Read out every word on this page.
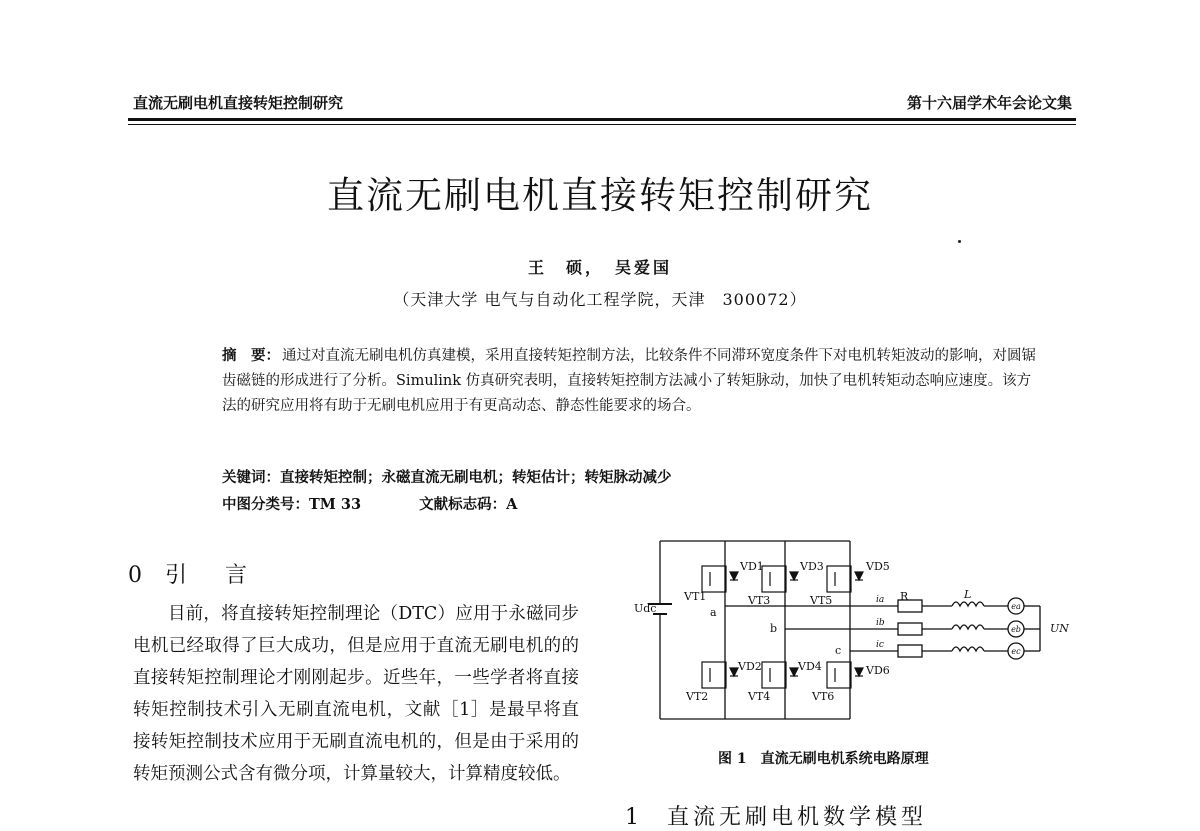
直流无刷电机直接转矩控制研究	第十六届学术年会论文集
直流无刷电机直接转矩控制研究
王　硕，　吴爱国
（天津大学 电气与自动化工程学院，天津　300072）
摘　要： 通过对直流无刷电机仿真建模，采用直接转矩控制方法，比较条件不同滞环宽度条件下对电机转矩波动的影响，对圆锯齿磁链的形成进行了分析。Simulink 仿真研究表明，直接转矩控制方法减小了转矩脉动，加快了电机转矩动态响应速度。该方法的研究应用将有助于无刷电机应用于有更高动态、静态性能要求的场合。
关键词：直接转矩控制；永磁直流无刷电机；转矩估计；转矩脉动减少
中图分类号：TM 33	文献标志码：A
0 引　言

目前，将直接转矩控制理论（DTC）应用于永磁同步电机已经取得了巨大成功，但是应用于直流无刷电机的的直接转矩控制理论才刚刚起步。近些年，一些学者将直接转矩控制技术引入无刷直流电机，文献［1］是最早将直接转矩控制技术应用于无刷直流电机的，但是由于采用的转矩预测公式含有微分项，计算量较大，计算精度较低。

Udc
VD1
VT1
VD3
VT3
VD5
VT5
VD2
VT2
VD4
VT4
VD6
VT6
a
b
c
ia
ib
ic
R	L
UN
ea
eb
ec
图 1 直流无刷电机系统电路原理
1 直流无刷电机数学模型
